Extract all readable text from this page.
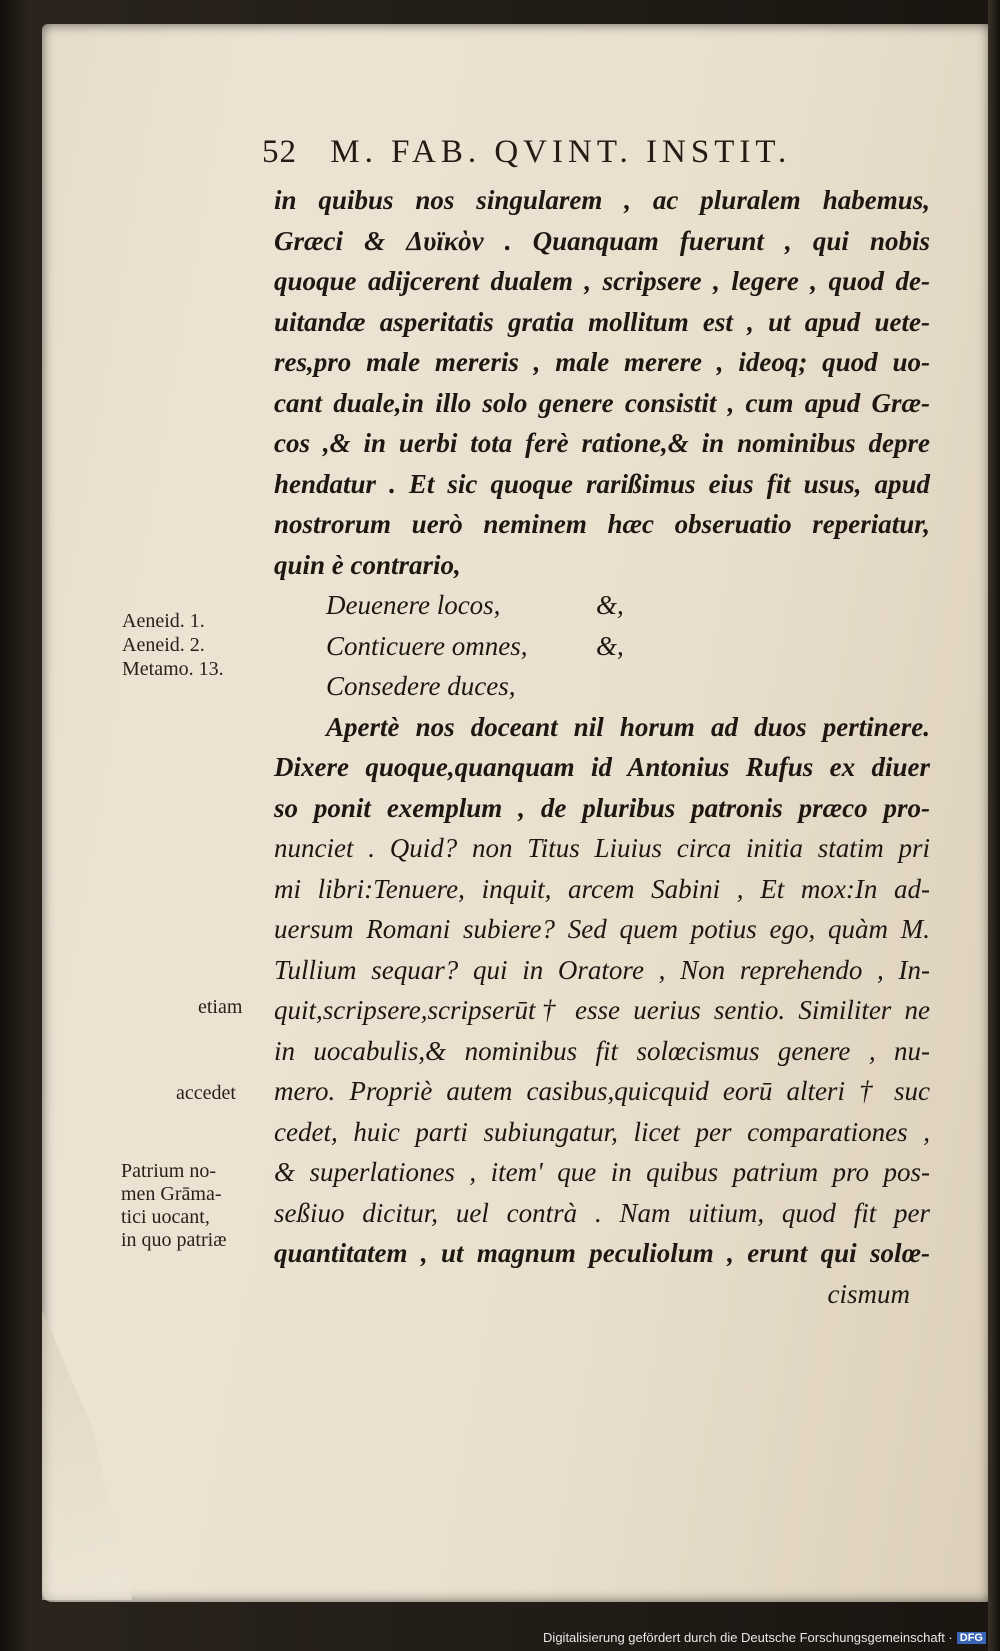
52 M. FAB. QVINT. INSTIT.
in quibus nos singularem , ac pluralem habemus,
Græci & Δυϊκὸν . Quanquam fuerunt , qui nobis
quoque adijcerent dualem , scripsere , legere , quod de-
uitandæ asperitatis gratia mollitum est , ut apud uete-
res,pro male mereris , male merere , ideoq; quod uo-
cant duale,in illo solo genere consistit , cum apud Græ-
cos ,& in uerbi tota ferè ratione,& in nominibus depre
hendatur . Et sic quoque rarißimus eius fit usus, apud
nostrorum uerò neminem hæc obseruatio reperiatur,
quin è contrario,
Deuenere locos,	&,
Conticuere omnes,	&,
Consedere duces,
Apertè nos doceant nil horum ad duos pertinere.
Dixere quoque,quanquam id Antonius Rufus ex diuer
so ponit exemplum , de pluribus patronis præco pro-
nunciet . Quid? non Titus Liuius circa initia statim pri
mi libri:Tenuere, inquit, arcem Sabini , Et mox:In ad-
uersum Romani subiere? Sed quem potius ego, quàm M.
Tullium sequar? qui in Oratore , Non reprehendo , In-
quit,scripsere,scripserūt† esse uerius sentio. Similiter ne
in uocabulis,& nominibus fit solœcismus genere , nu-
mero. Propriè autem casibus,quicquid eorū alteri † suc
cedet, huic parti subiungatur, licet per comparationes ,
& superlationes , item' que in quibus patrium pro pos-
seßiuo dicitur, uel contrà . Nam uitium, quod fit per
quantitatem , ut magnum peculiolum , erunt qui solœ-
cismum
Aeneid. 1.
Aeneid. 2.
Metamo. 13.
etiam
accedet
Patrium no-
men Grāma-
tici uocant,
in quo patriæ
Digitalisierung gefördert durch die Deutsche Forschungsgemeinschaft · DFG
